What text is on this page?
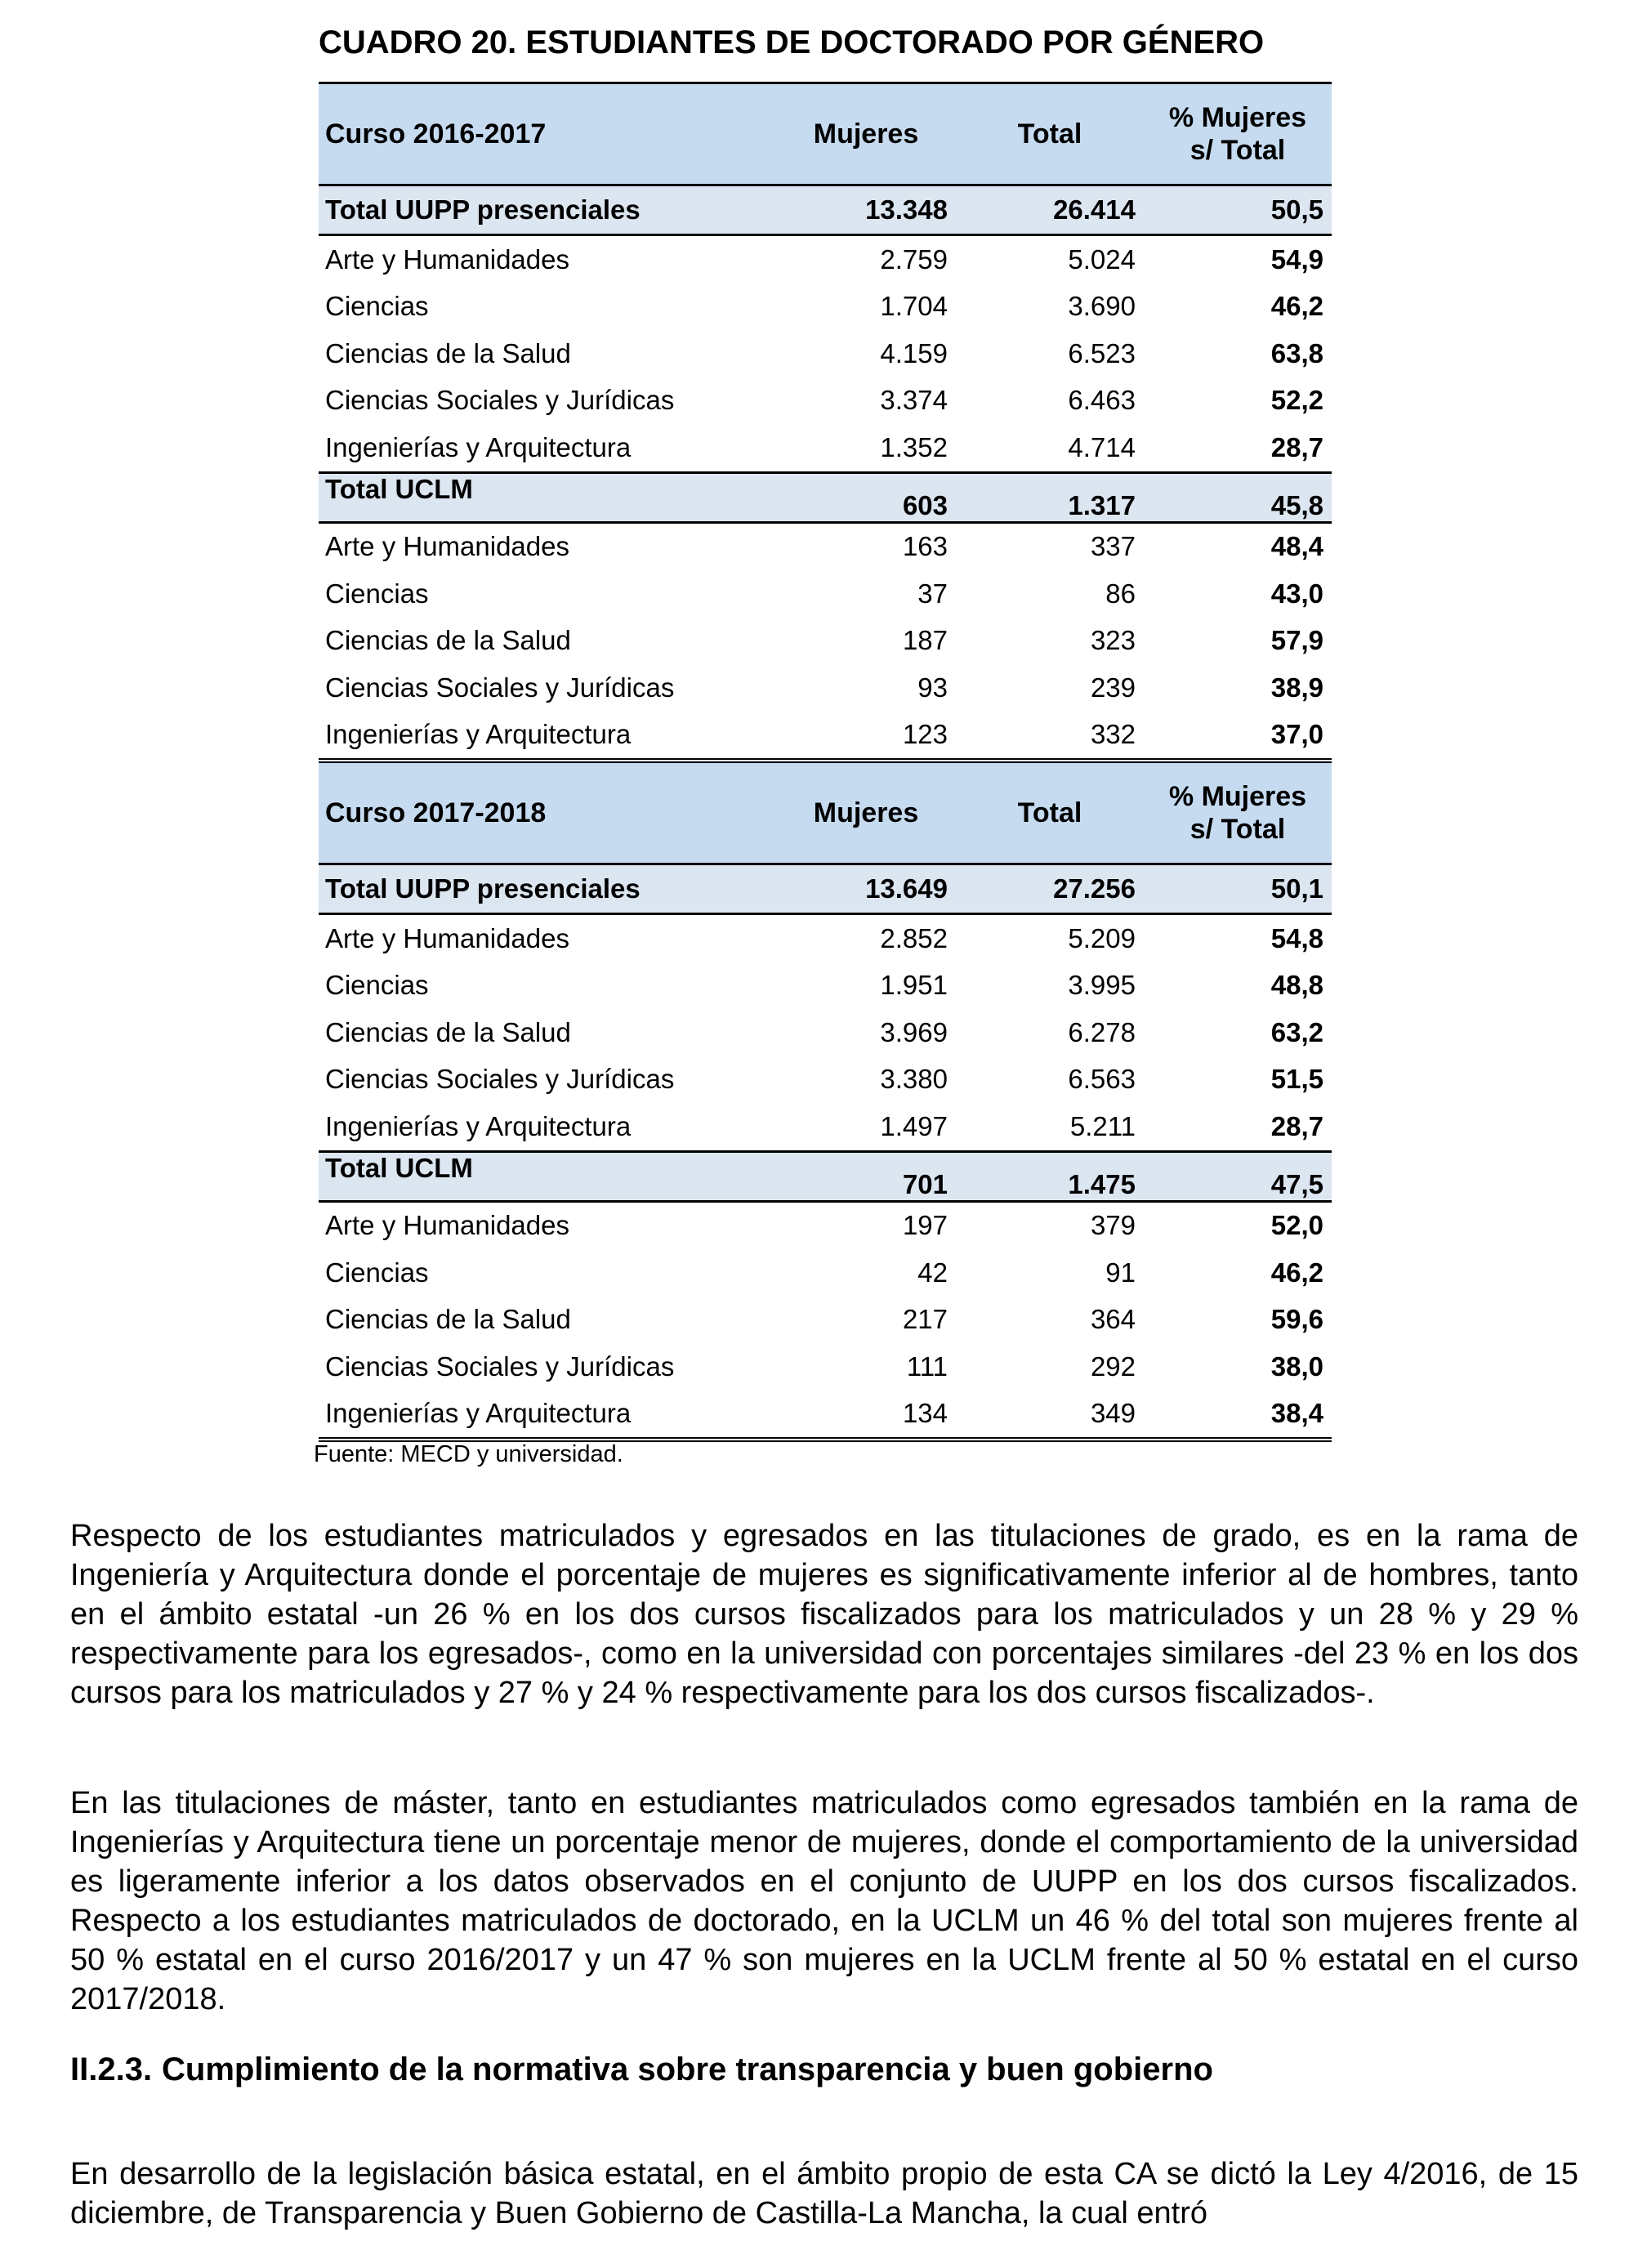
CUADRO 20. ESTUDIANTES DE DOCTORADO POR GÉNERO
Curso 2016-2017	Mujeres	Total	% Mujeres
s/ Total

Total UUPP presenciales	13.348	26.414	50,5
Arte y Humanidades	2.759	5.024	54,9
Ciencias	1.704	3.690	46,2
Ciencias de la Salud	4.159	6.523	63,8
Ciencias Sociales y Jurídicas	3.374	6.463	52,2
Ingenierías y Arquitectura	1.352	4.714	28,7
Total UCLM	603	1.317	45,8
Arte y Humanidades	163	337	48,4
Ciencias	37	86	43,0
Ciencias de la Salud	187	323	57,9
Ciencias Sociales y Jurídicas	93	239	38,9
Ingenierías y Arquitectura	123	332	37,0
Curso 2017-2018	Mujeres	Total	% Mujeres
s/ Total

Total UUPP presenciales	13.649	27.256	50,1
Arte y Humanidades	2.852	5.209	54,8
Ciencias	1.951	3.995	48,8
Ciencias de la Salud	3.969	6.278	63,2
Ciencias Sociales y Jurídicas	3.380	6.563	51,5
Ingenierías y Arquitectura	1.497	5.211	28,7
Total UCLM	701	1.475	47,5
Arte y Humanidades	197	379	52,0
Ciencias	42	91	46,2
Ciencias de la Salud	217	364	59,6
Ciencias Sociales y Jurídicas	111	292	38,0
Ingenierías y Arquitectura	134	349	38,4
Fuente: MECD y universidad.

Respecto de los estudiantes matriculados y egresados en las titulaciones de grado, es en la rama de Ingeniería y Arquitectura donde el porcentaje de mujeres es significativamente inferior al de hombres, tanto en el ámbito estatal -un 26 % en los dos cursos fiscalizados para los matriculados y un 28 % y 29 % respectivamente para los egresados-, como en la universidad con porcentajes similares -del 23 % en los dos cursos para los matriculados y 27 % y 24 % respectivamente para los dos cursos fiscalizados-.

En las titulaciones de máster, tanto en estudiantes matriculados como egresados también en la rama de Ingenierías y Arquitectura tiene un porcentaje menor de mujeres, donde el comportamiento de la universidad es ligeramente inferior a los datos observados en el conjunto de UUPP en los dos cursos fiscalizados. Respecto a los estudiantes matriculados de doctorado, en la UCLM un 46 % del total son mujeres frente al 50 % estatal en el curso 2016/2017 y un 47 % son mujeres en la UCLM frente al 50 % estatal en el curso 2017/2018.

II.2.3. Cumplimiento de la normativa sobre transparencia y buen gobierno

En desarrollo de la legislación básica estatal, en el ámbito propio de esta CA se dictó la Ley 4/2016, de 15 diciembre, de Transparencia y Buen Gobierno de Castilla-La Mancha, la cual entró
